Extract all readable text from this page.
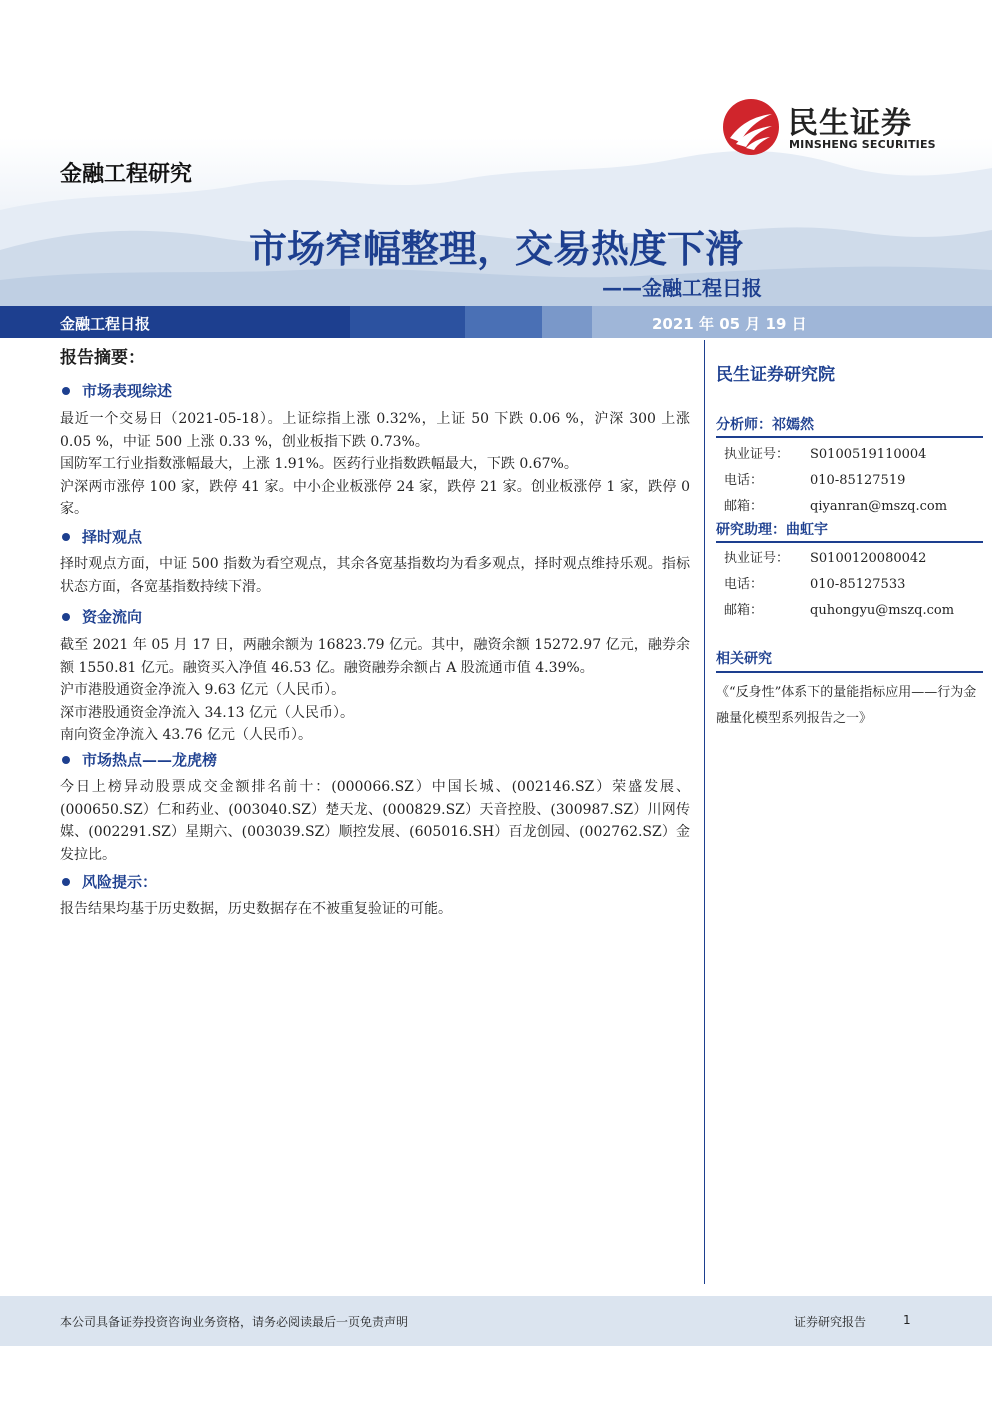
民生证券
MINSHENG SECURITIES
金融工程研究
市场窄幅整理，交易热度下滑
——金融工程日报
金融工程日报	2021 年 05 月 19 日
报告摘要：
市场表现综述

最近一个交易日（2021-05-18）。上证综指上涨 0.32%，上证 50 下跌 0.06 %，沪深 300 上涨 0.05 %，中证 500 上涨 0.33 %，创业板指下跌 0.73%。

国防军工行业指数涨幅最大，上涨 1.91%。医药行业指数跌幅最大，下跌 0.67%。

沪深两市涨停 100 家，跌停 41 家。中小企业板涨停 24 家，跌停 21 家。创业板涨停 1 家，跌停 0 家。

择时观点

择时观点方面，中证 500 指数为看空观点，其余各宽基指数均为看多观点，择时观点维持乐观。指标状态方面，各宽基指数持续下滑。

资金流向

截至 2021 年 05 月 17 日，两融余额为 16823.79 亿元。其中，融资余额 15272.97 亿元，融券余额 1550.81 亿元。融资买入净值 46.53 亿。融资融券余额占 A 股流通市值 4.39%。

沪市港股通资金净流入 9.63 亿元（人民币）。

深市港股通资金净流入 34.13 亿元（人民币）。

南向资金净流入 43.76 亿元（人民币）。

市场热点——龙虎榜

今日上榜异动股票成交金额排名前十：(000066.SZ）中国长城、(002146.SZ）荣盛发展、(000650.SZ）仁和药业、(003040.SZ）楚天龙、(000829.SZ）天音控股、(300987.SZ）川网传媒、(002291.SZ）星期六、(003039.SZ）顺控发展、(605016.SH）百龙创园、(002762.SZ）金发拉比。

风险提示：

报告结果均基于历史数据，历史数据存在不被重复验证的可能。

民生证券研究院
分析师：祁嫣然
执业证号： S0100519110004
电话：	010-85127519
邮箱：	qiyanran@mszq.com
研究助理：曲虹宇
执业证号： S0100120080042
电话：	010-85127533
邮箱：	quhongyu@mszq.com
相关研究
《“反身性”体系下的量能指标应用——行为金融量化模型系列报告之一》
本公司具备证券投资咨询业务资格，请务必阅读最后一页免责声明	证券研究报告	1
